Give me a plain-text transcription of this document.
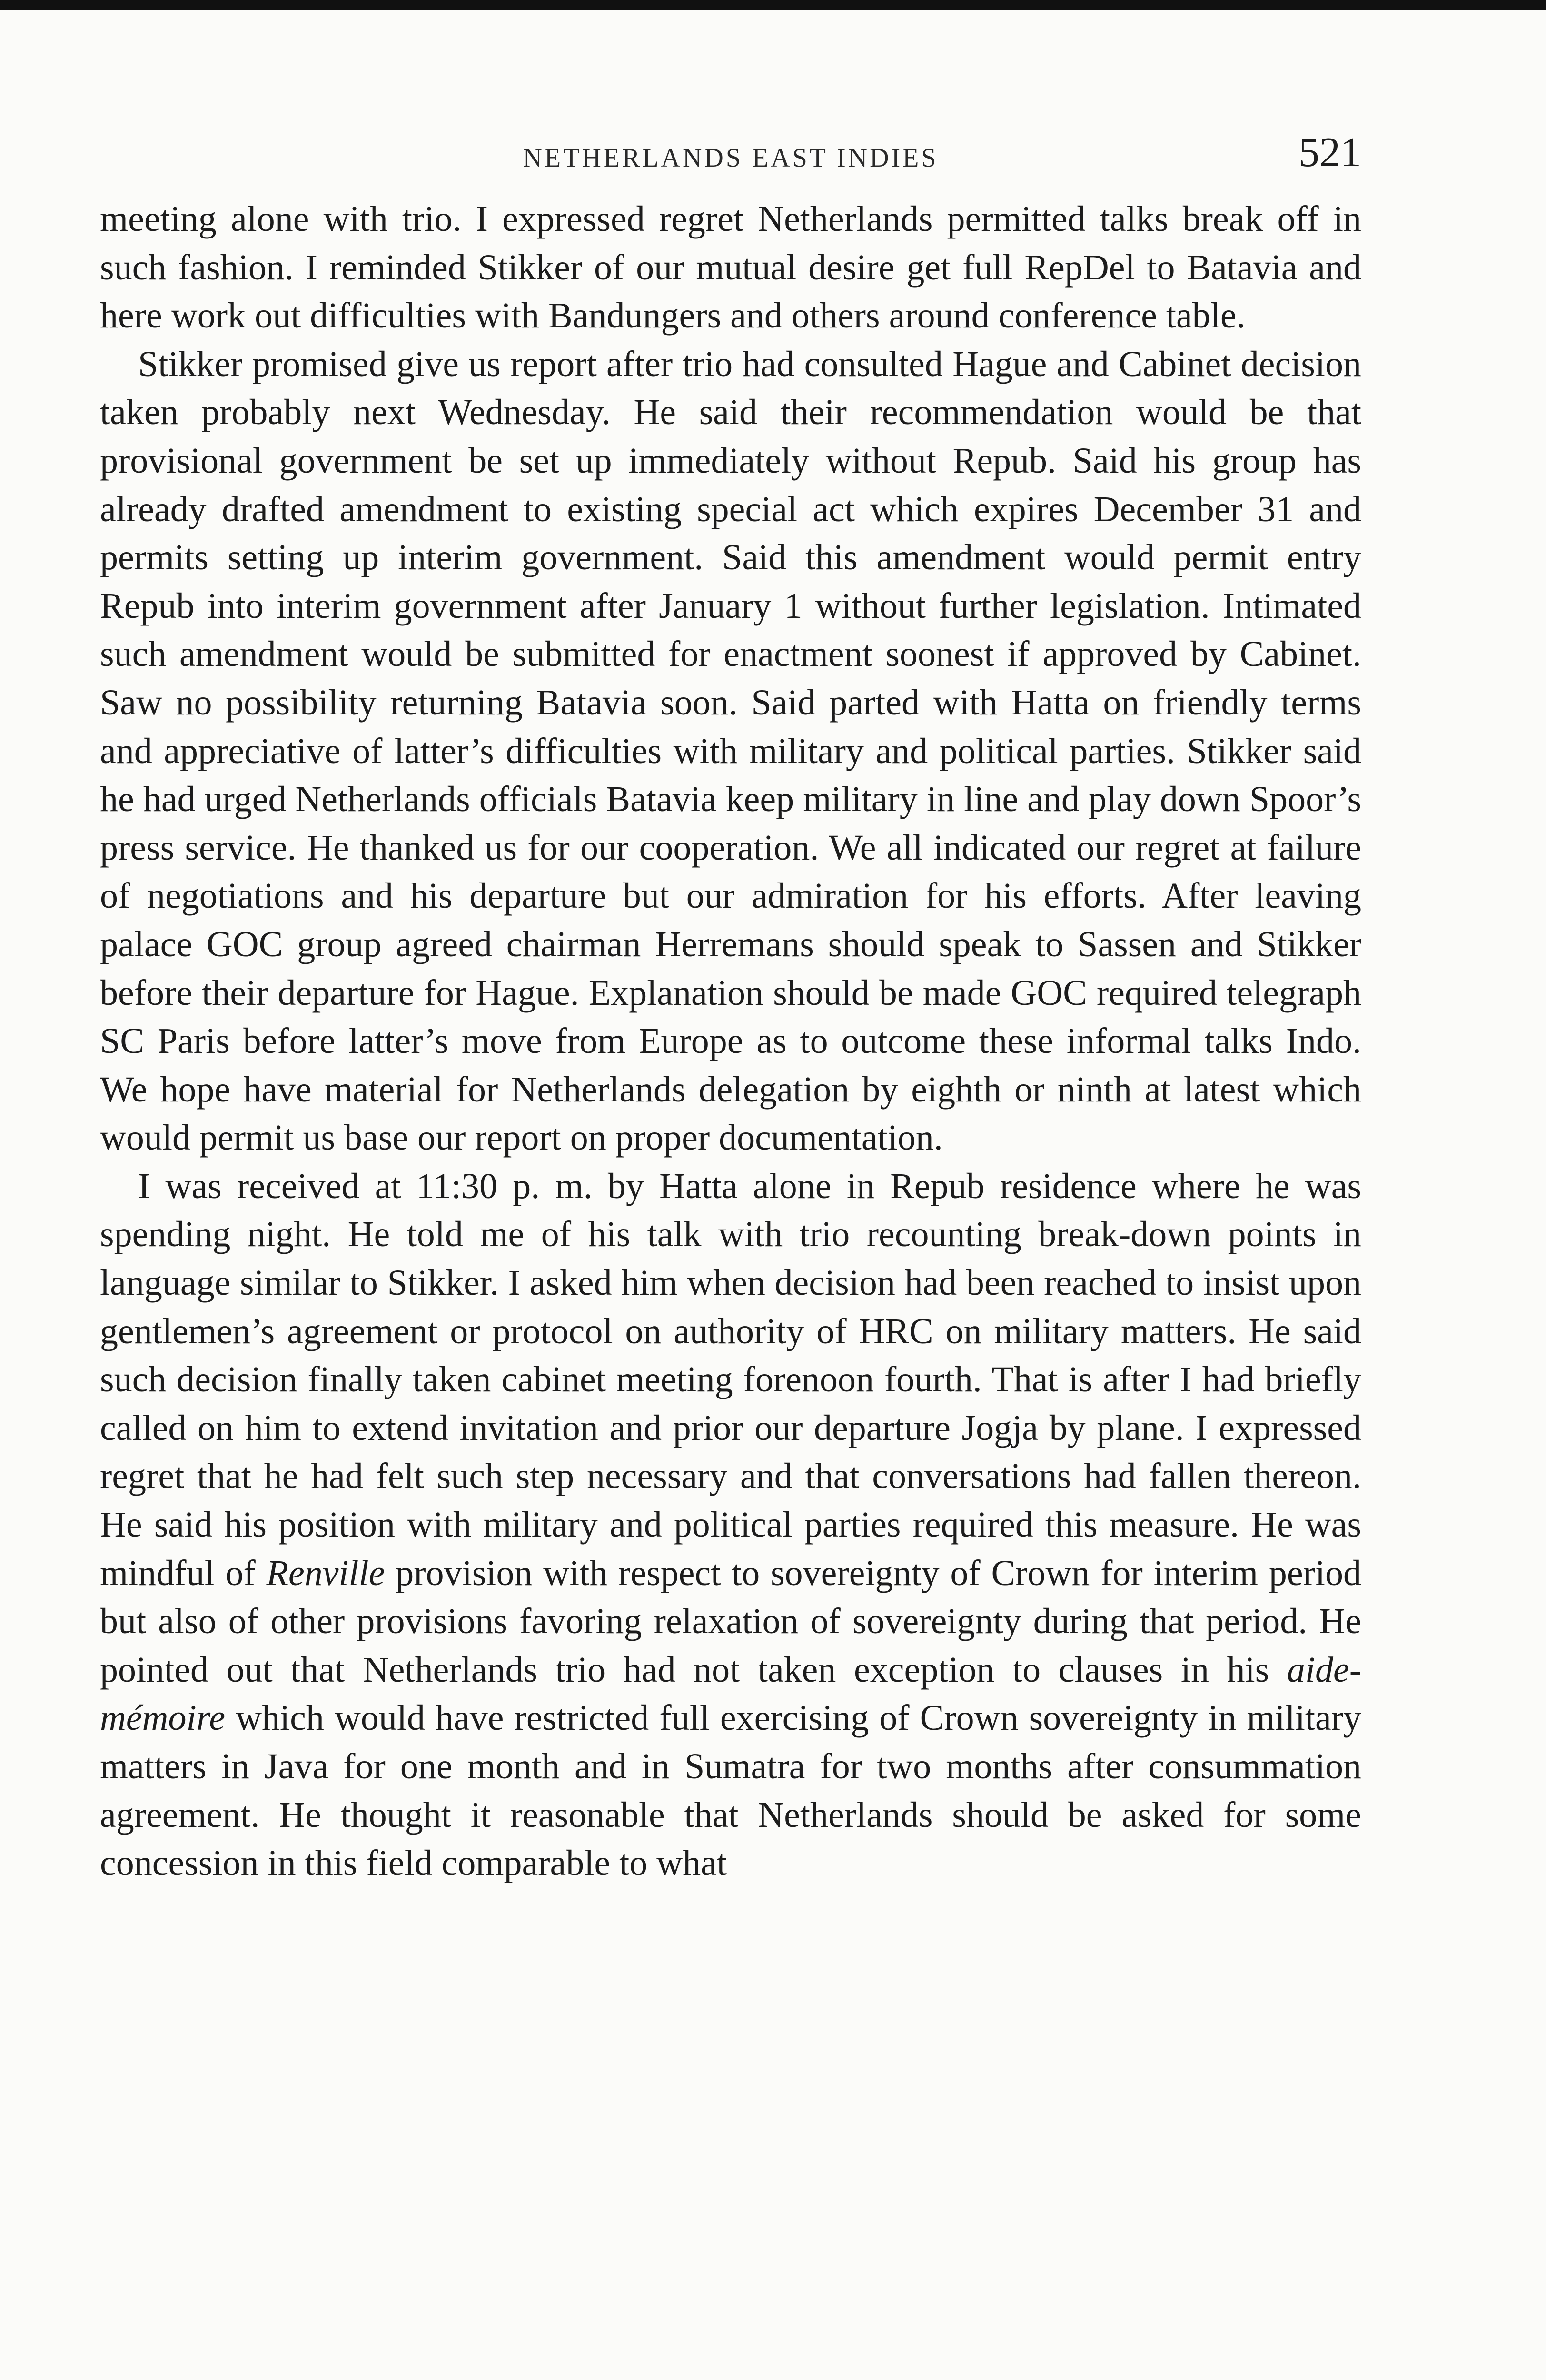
NETHERLANDS EAST INDIES	521

meeting alone with trio. I expressed regret Netherlands permitted talks break off in such fashion. I reminded Stikker of our mutual desire get full RepDel to Batavia and here work out difficulties with Bandungers and others around conference table.

Stikker promised give us report after trio had consulted Hague and Cabinet decision taken probably next Wednesday. He said their recommendation would be that provisional government be set up immediately without Repub. Said his group has already drafted amendment to existing special act which expires December 31 and permits setting up interim government. Said this amendment would permit entry Repub into interim government after January 1 without further legislation. Intimated such amendment would be submitted for enactment soonest if approved by Cabinet. Saw no possibility returning Batavia soon. Said parted with Hatta on friendly terms and appreciative of latter’s difficulties with military and political parties. Stikker said he had urged Netherlands officials Batavia keep military in line and play down Spoor’s press service. He thanked us for our cooperation. We all indicated our regret at failure of negotiations and his departure but our admiration for his efforts. After leaving palace GOC group agreed chairman Herremans should speak to Sassen and Stikker before their departure for Hague. Explanation should be made GOC required telegraph SC Paris before latter’s move from Europe as to outcome these informal talks Indo. We hope have material for Netherlands delegation by eighth or ninth at latest which would permit us base our report on proper documentation.

I was received at 11:30 p. m. by Hatta alone in Repub residence where he was spending night. He told me of his talk with trio recounting break-down points in language similar to Stikker. I asked him when decision had been reached to insist upon gentlemen’s agreement or protocol on authority of HRC on military matters. He said such decision finally taken cabinet meeting forenoon fourth. That is after I had briefly called on him to extend invitation and prior our departure Jogja by plane. I expressed regret that he had felt such step necessary and that conversations had fallen thereon. He said his position with military and political parties required this measure. He was mindful of Renville provision with respect to sovereignty of Crown for interim period but also of other provisions favoring relaxation of sovereignty during that period. He pointed out that Netherlands trio had not taken exception to clauses in his aide-mémoire which would have restricted full exercising of Crown sovereignty in military matters in Java for one month and in Sumatra for two months after consummation agreement. He thought it reasonable that Netherlands should be asked for some concession in this field comparable to what
